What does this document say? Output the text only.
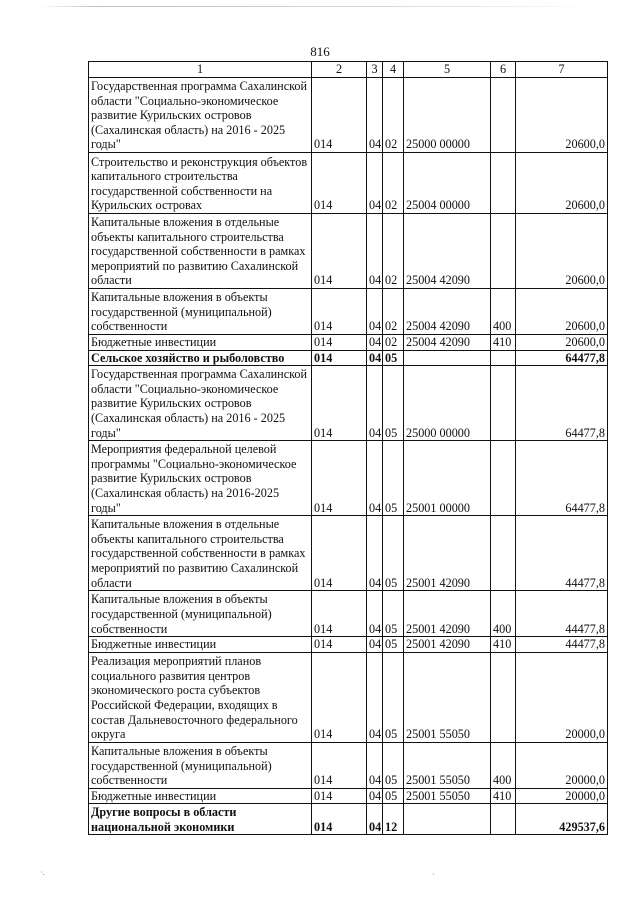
816
1	2	3	4	5	6	7
Государственная программа Сахалинской области "Социально-экономическое развитие Курильских островов (Сахалинская область) на 2016 - 2025 годы"	014	04	02	25000 00000		20600,0
Строительство и реконструкция объектов капитального строительства государственной собственности на Курильских островах	014	04	02	25004 00000		20600,0
Капитальные вложения в отдельные объекты капитального строительства государственной собственности в рамках мероприятий по развитию Сахалинской области	014	04	02	25004 42090		20600,0
Капитальные вложения в объекты государственной (муниципальной) собственности	014	04	02	25004 42090	400	20600,0
Бюджетные инвестиции	014	04	02	25004 42090	410	20600,0
Сельское хозяйство и рыболовство	014	04	05			64477,8
Государственная программа Сахалинской области "Социально-экономическое развитие Курильских островов (Сахалинская область) на 2016 - 2025 годы"	014	04	05	25000 00000		64477,8
Мероприятия федеральной целевой программы "Социально-экономическое развитие Курильских островов (Сахалинская область) на 2016-2025 годы"	014	04	05	25001 00000		64477,8
Капитальные вложения в отдельные объекты капитального строительства государственной собственности в рамках мероприятий по развитию Сахалинской области	014	04	05	25001 42090		44477,8
Капитальные вложения в объекты государственной (муниципальной) собственности	014	04	05	25001 42090	400	44477,8
Бюджетные инвестиции	014	04	05	25001 42090	410	44477,8
Реализация мероприятий планов социального развития центров экономического роста субъектов Российской Федерации, входящих в состав Дальневосточного федерального округа	014	04	05	25001 55050		20000,0
Капитальные вложения в объекты государственной (муниципальной) собственности	014	04	05	25001 55050	400	20000,0
Бюджетные инвестиции	014	04	05	25001 55050	410	20000,0
Другие вопросы в области национальной экономики	014	04	12			429537,6
·.	·
